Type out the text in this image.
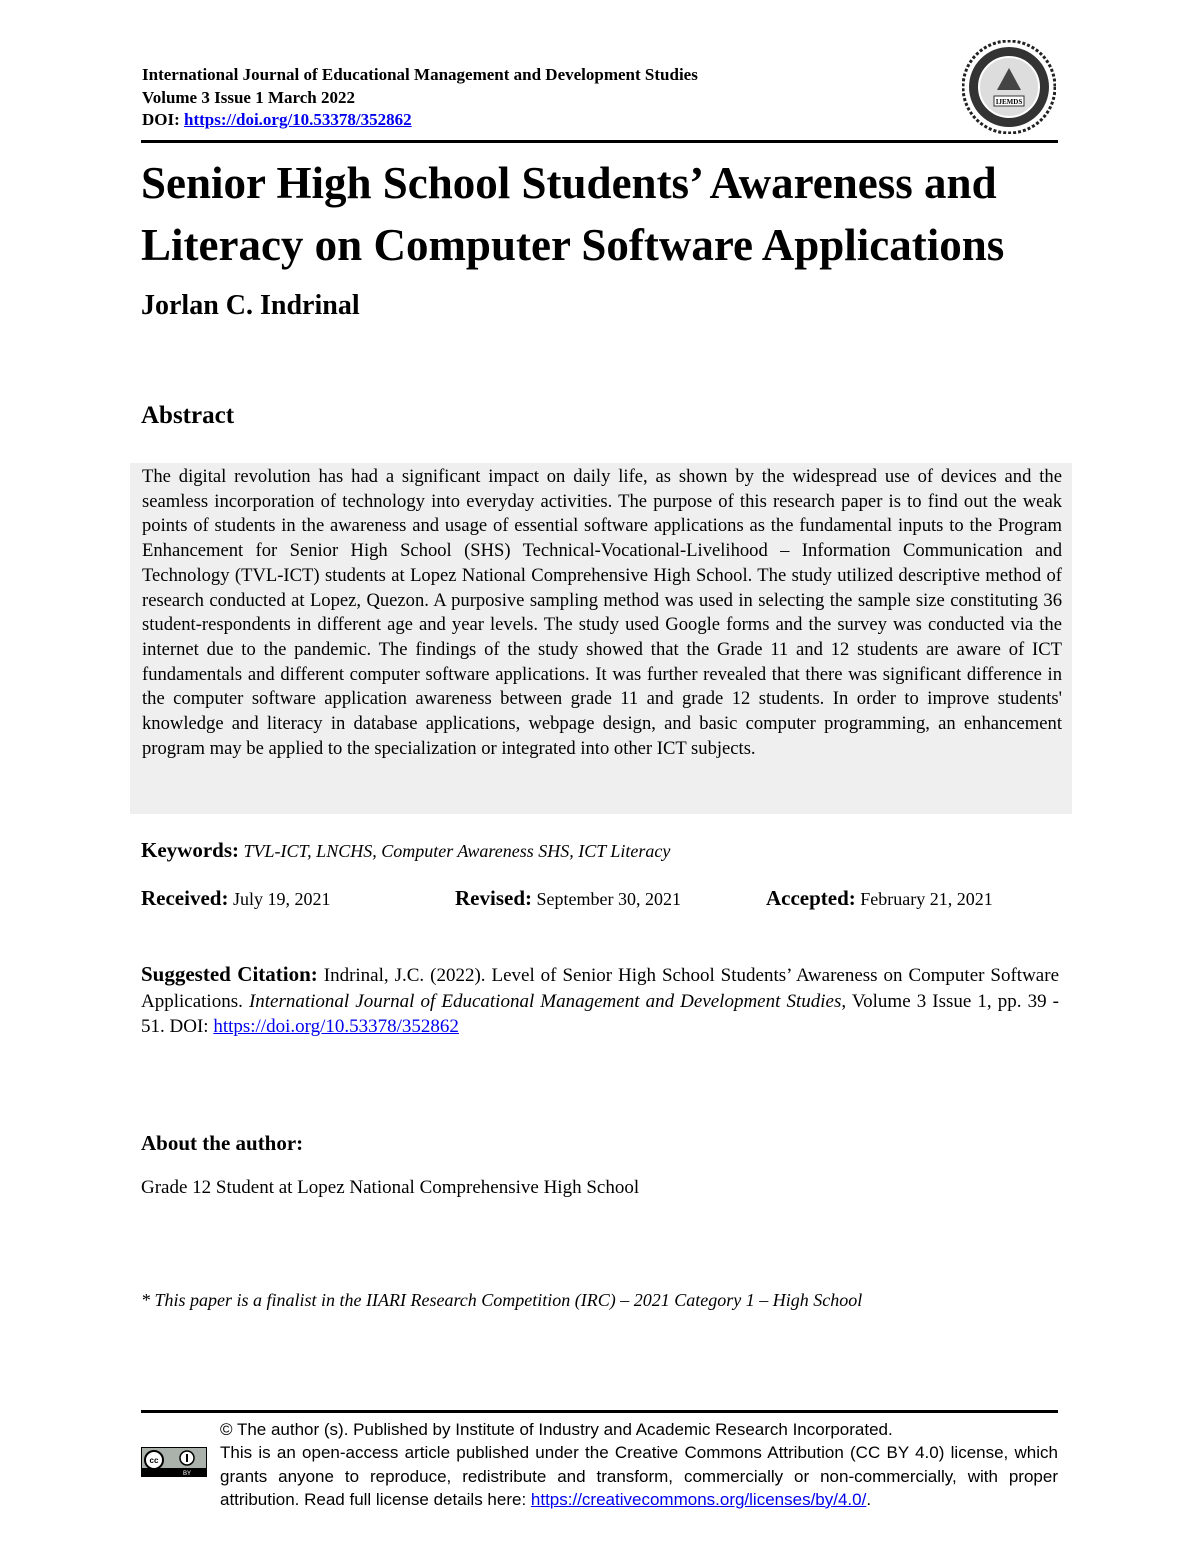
International Journal of Educational Management and Development Studies
Volume 3 Issue 1 March 2022
DOI: https://doi.org/10.53378/352862
IJEMDS
Senior High School Students’ Awareness and
Literacy on Computer Software Applications
Jorlan C. Indrinal
Abstract

The digital revolution has had a significant impact on daily life, as shown by the widespread use of devices and the seamless incorporation of technology into everyday activities. The purpose of this research paper is to find out the weak points of students in the awareness and usage of essential software applications as the fundamental inputs to the Program Enhancement for Senior High School (SHS) Technical-Vocational-Livelihood – Information Communication and Technology (TVL-ICT) students at Lopez National Comprehensive High School. The study utilized descriptive method of research conducted at Lopez, Quezon. A purposive sampling method was used in selecting the sample size constituting 36 student-respondents in different age and year levels. The study used Google forms and the survey was conducted via the internet due to the pandemic. The findings of the study showed that the Grade 11 and 12 students are aware of ICT fundamentals and different computer software applications. It was further revealed that there was significant difference in the computer software application awareness between grade 11 and grade 12 students. In order to improve students' knowledge and literacy in database applications, webpage design, and basic computer programming, an enhancement program may be applied to the specialization or integrated into other ICT subjects.

Keywords: TVL-ICT, LNCHS, Computer Awareness SHS, ICT Literacy
Received: July 19, 2021	Revised: September 30, 2021	Accepted: February 21, 2021
Suggested Citation: Indrinal, J.C. (2022). Level of Senior High School Students’ Awareness on Computer Software Applications. International Journal of Educational Management and Development Studies, Volume 3 Issue 1, pp. 39 - 51. DOI: https://doi.org/10.53378/352862
About the author:
Grade 12 Student at Lopez National Comprehensive High School
* This paper is a finalist in the IIARI Research Competition (IRC) – 2021 Category 1 – High School
cc
BY
© The author (s). Published by Institute of Industry and Academic Research Incorporated.
This is an open-access article published under the Creative Commons Attribution (CC BY 4.0) license, which grants anyone to reproduce, redistribute and transform, commercially or non-commercially, with proper attribution. Read full license details here: https://creativecommons.org/licenses/by/4.0/.
